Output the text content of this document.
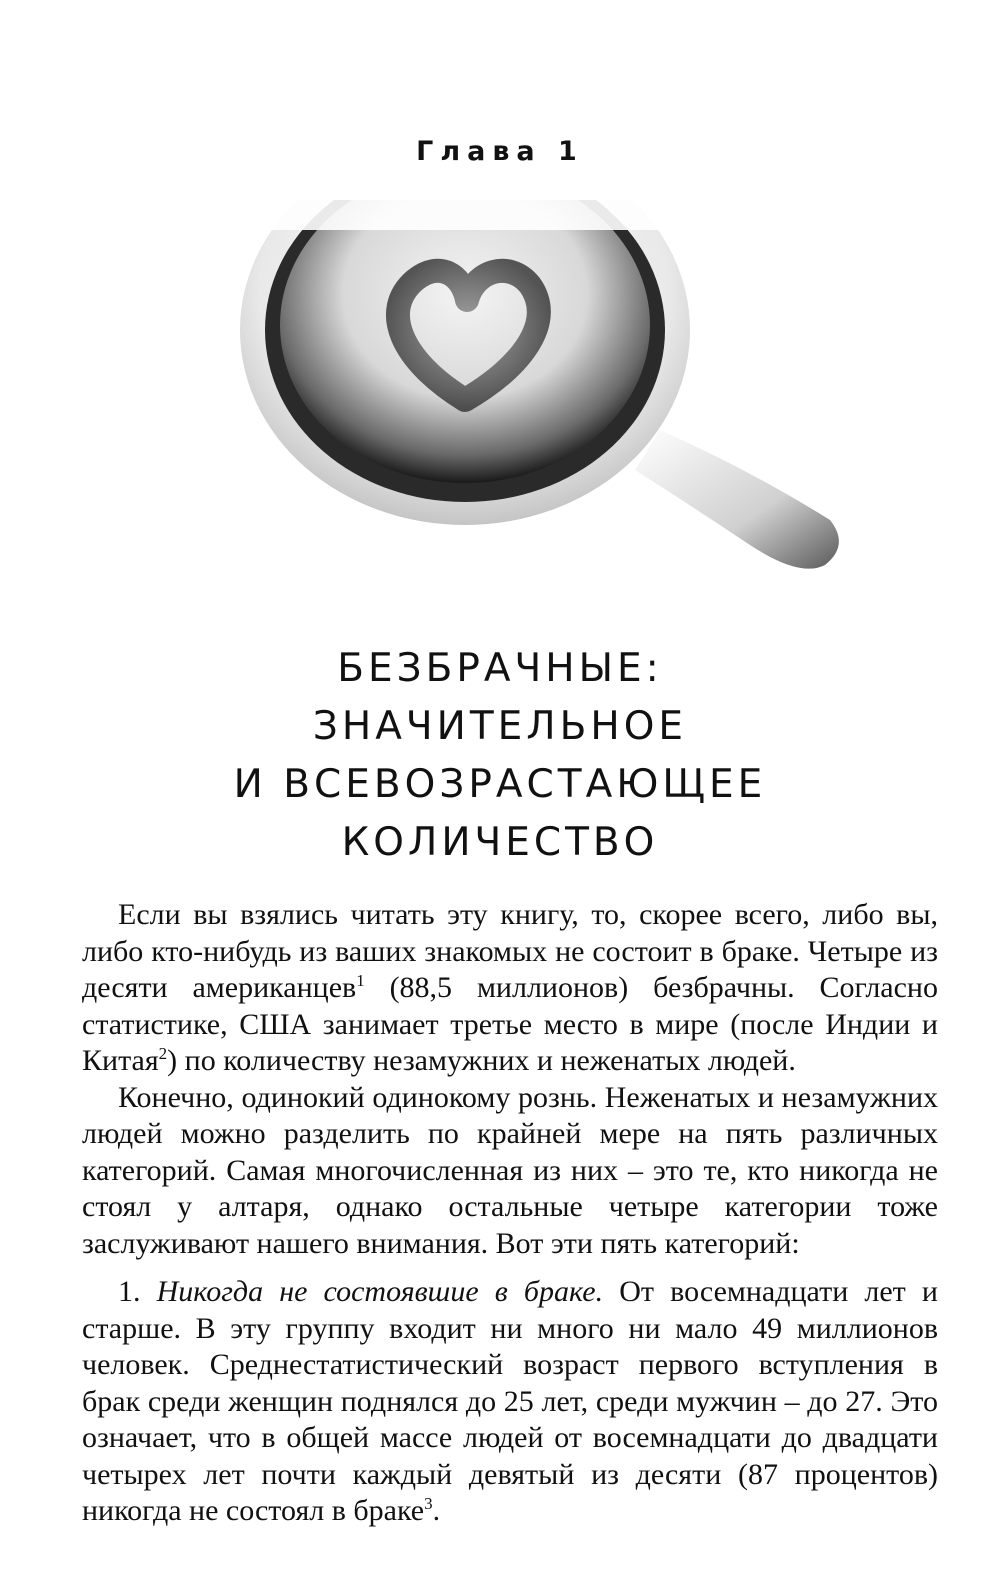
Глава 1
БЕЗБРАЧНЫЕ:
ЗНАЧИТЕЛЬНОЕ
И ВСЕВОЗРАСТАЮЩЕЕ
КОЛИЧЕСТВО

Если вы взялись читать эту книгу, то, скорее всего, либо вы, либо кто-нибудь из ваших знакомых не состоит в браке. Четыре из десяти американцев$^1$ (88,5 миллионов) безбрачны. Согласно статистике, США занимает третье место в мире (после Индии и Китая$^2$) по количеству незамужних и неженатых людей.

Конечно, одинокий одинокому рознь. Неженатых и незамужних людей можно разделить по крайней мере на пять различных категорий. Самая многочисленная из них – это те, кто никогда не стоял у алтаря, однако остальные четыре категории тоже заслуживают нашего внимания. Вот эти пять категорий:

1. Никогда не состоявшие в браке. От восемнадцати лет и старше. В эту группу входит ни много ни мало 49 миллионов человек. Среднестатистический возраст первого вступления в брак среди женщин поднялся до 25 лет, среди мужчин – до 27. Это означает, что в общей массе людей от восемнадцати до двадцати четырех лет почти каждый девятый из десяти (87 процентов) никогда не состоял в браке$^3$.
